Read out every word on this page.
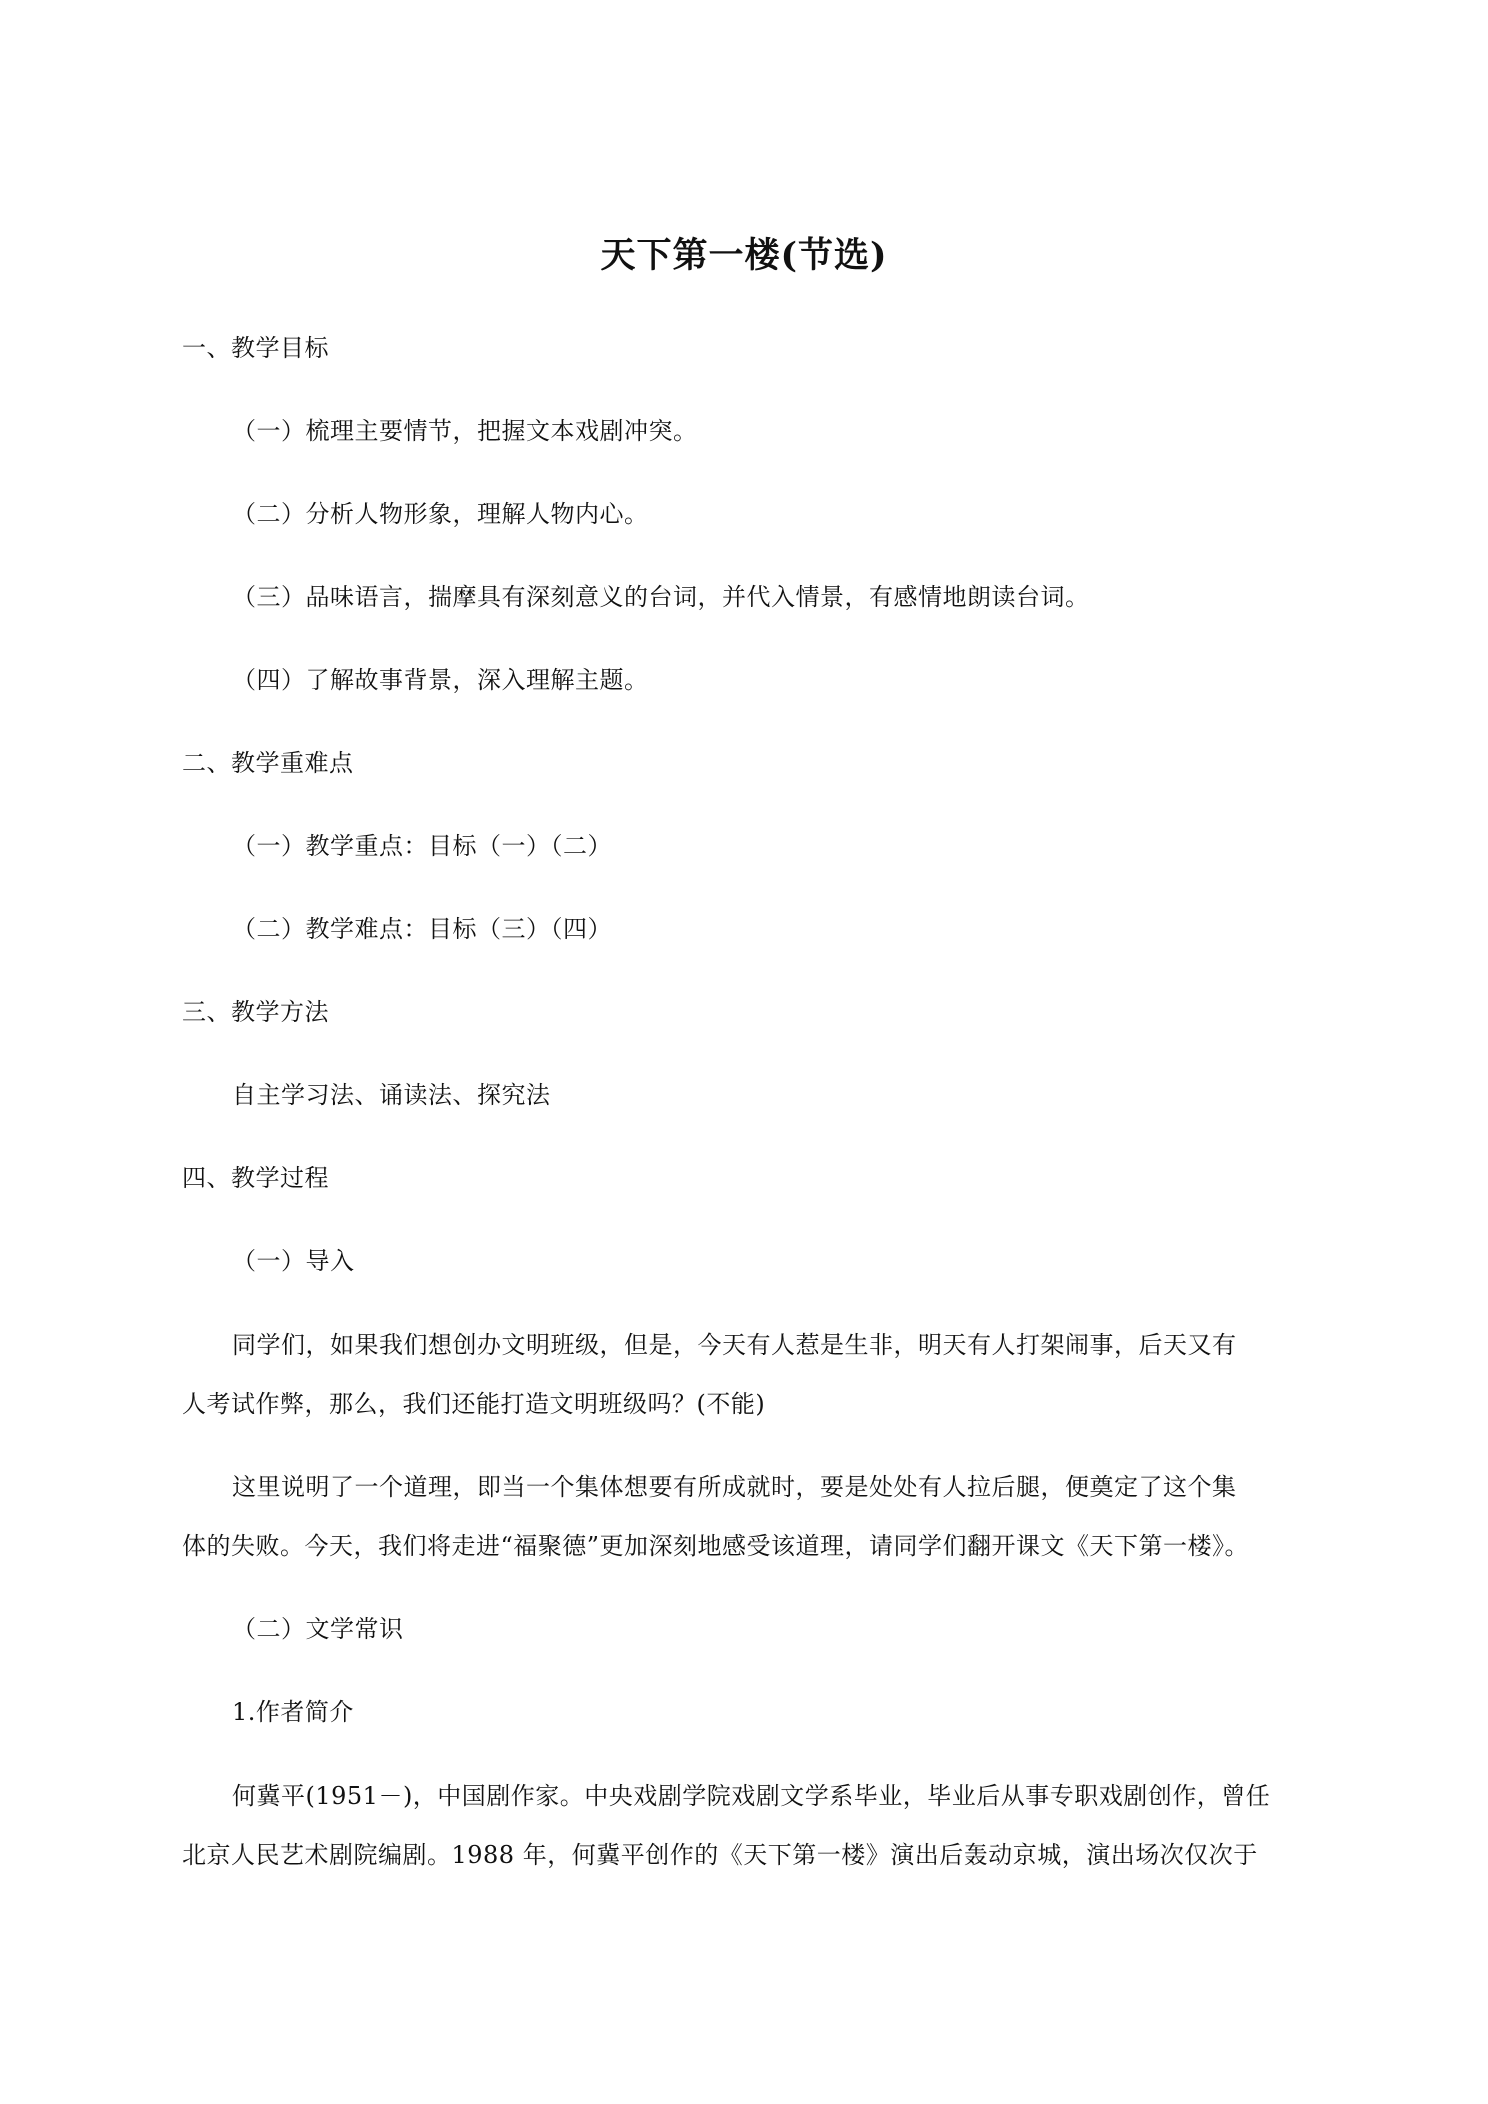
天下第一楼(节选)
一、教学目标
（一）梳理主要情节，把握文本戏剧冲突。
（二）分析人物形象，理解人物内心。
（三）品味语言，揣摩具有深刻意义的台词，并代入情景，有感情地朗读台词。
（四）了解故事背景，深入理解主题。
二、教学重难点
（一）教学重点：目标（一）（二）
（二）教学难点：目标（三）（四）
三、教学方法
自主学习法、诵读法、探究法
四、教学过程
（一）导入
同学们，如果我们想创办文明班级，但是，今天有人惹是生非，明天有人打架闹事，后天又有
人考试作弊，那么，我们还能打造文明班级吗？(不能)
这里说明了一个道理，即当一个集体想要有所成就时，要是处处有人拉后腿，便奠定了这个集
体的失败。今天，我们将走进“福聚德”更加深刻地感受该道理，请同学们翻开课文《天下第一楼》。
（二）文学常识
1.作者简介
何冀平(1951－)，中国剧作家。中央戏剧学院戏剧文学系毕业，毕业后从事专职戏剧创作，曾任
北京人民艺术剧院编剧。1988 年，何冀平创作的《天下第一楼》演出后轰动京城，演出场次仅次于
